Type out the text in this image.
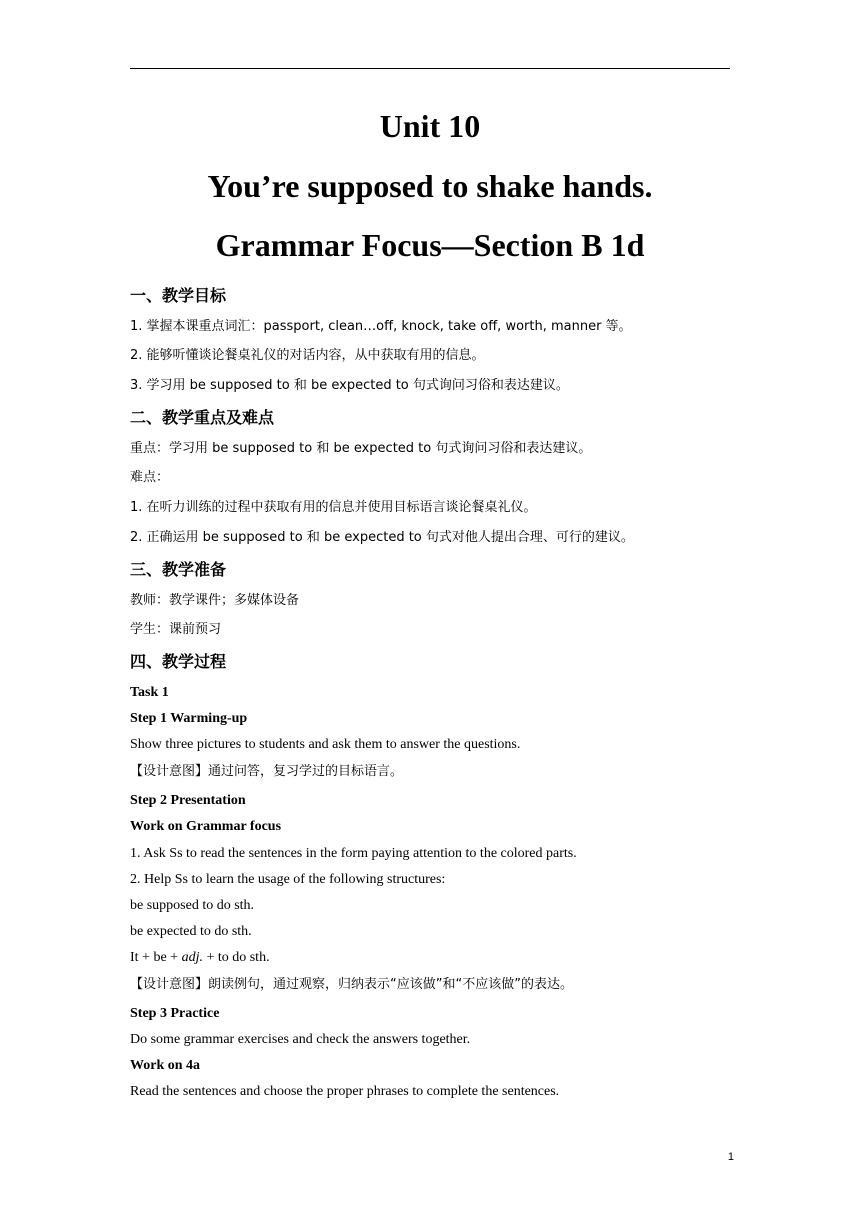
Unit 10
You’re supposed to shake hands.
Grammar Focus—Section B 1d
一、教学目标
1. 掌握本课重点词汇：passport, clean…off, knock, take off, worth, manner 等。
2. 能够听懂谈论餐桌礼仪的对话内容，从中获取有用的信息。
3. 学习用 be supposed to 和 be expected to 句式询问习俗和表达建议。
二、教学重点及难点
重点：学习用 be supposed to 和 be expected to 句式询问习俗和表达建议。
难点：
1. 在听力训练的过程中获取有用的信息并使用目标语言谈论餐桌礼仪。
2. 正确运用 be supposed to 和 be expected to 句式对他人提出合理、可行的建议。
三、教学准备
教师：教学课件；多媒体设备
学生：课前预习
四、教学过程
Task 1
Step 1 Warming-up
Show three pictures to students and ask them to answer the questions.
【设计意图】通过问答，复习学过的目标语言。
Step 2 Presentation
Work on Grammar focus
1. Ask Ss to read the sentences in the form paying attention to the colored parts.
2. Help Ss to learn the usage of the following structures:
be supposed to do sth.
be expected to do sth.
It + be + adj. + to do sth.
【设计意图】朗读例句，通过观察，归纳表示“应该做”和“不应该做”的表达。
Step 3 Practice
Do some grammar exercises and check the answers together.
Work on 4a
Read the sentences and choose the proper phrases to complete the sentences.
1
